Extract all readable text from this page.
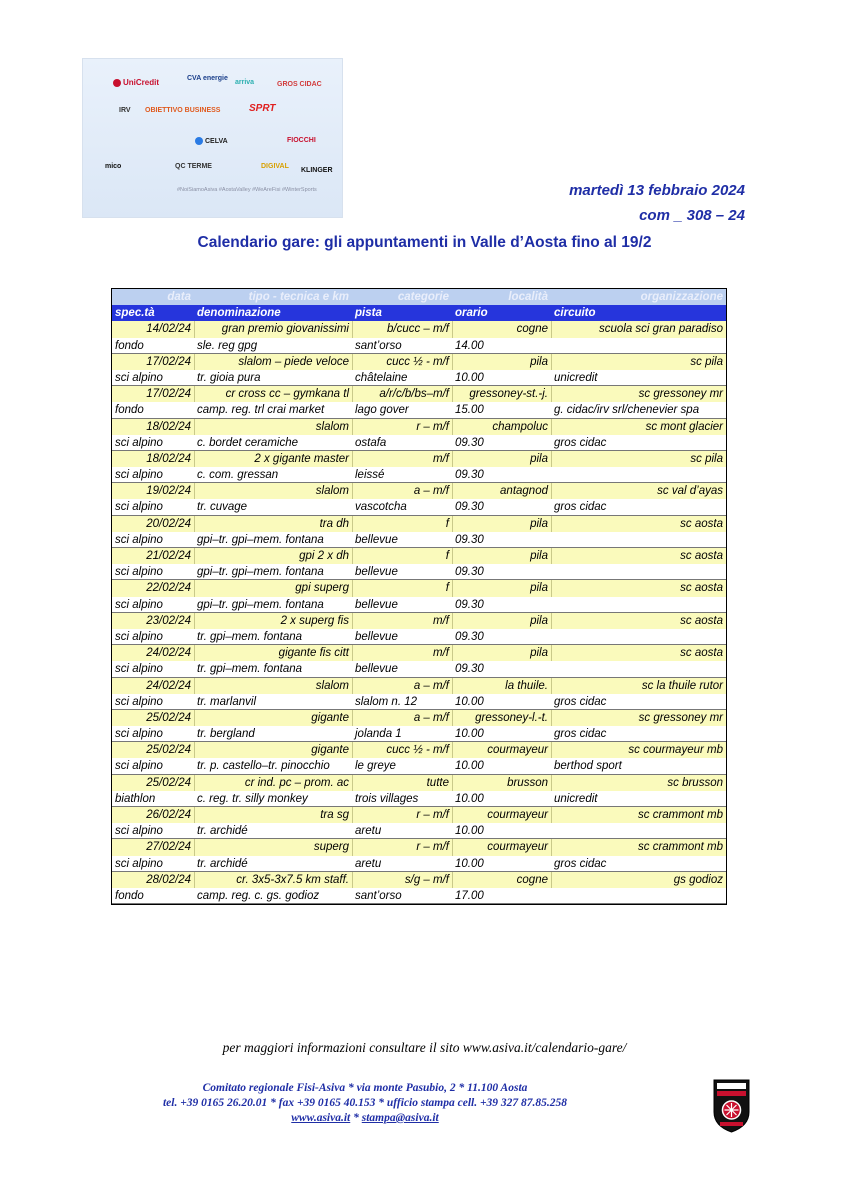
UniCredit	CVA energie
arriva	GROS CIDAC
IRV OBIETTIVO BUSINESS	SPRT
CELVA	FIOCCHI
mico	QC TERME	DIGIVAL
KLINGER
#NoiSiamoAsiva #AostaValley #WeAreFisi #WinterSports	martedì 13 febbraio 2024
com _ 308 – 24
Calendario gare: gli appuntamenti in Valle d’Aosta fino al 19/2
data	tipo - tecnica e km	categorie	località	organizzazione
spec.tà	denominazione	pista	orario	circuito
14/02/24	gran premio giovanissimi	b/cucc – m/f	cogne	scuola sci gran paradiso
fondo	sle. reg gpg	sant’orso	14.00
17/02/24	slalom – piede veloce	cucc ½ - m/f	pila	sc pila
sci alpino	tr. gioia pura	châtelaine	10.00	unicredit
17/02/24	cr cross cc – gymkana tl	a/r/c/b/bs–m/f	gressoney-st.-j.	sc gressoney mr
fondo	camp. reg. trl crai market	lago gover	15.00	g. cidac/irv srl/chenevier spa
18/02/24	slalom	r – m/f	champoluc	sc mont glacier
sci alpino	c. bordet ceramiche	ostafa	09.30	gros cidac
18/02/24	2 x gigante master	m/f	pila	sc pila
sci alpino	c. com. gressan	leissé	09.30
19/02/24	slalom	a – m/f	antagnod	sc val d’ayas
sci alpino	tr. cuvage	vascotcha	09.30	gros cidac
20/02/24	tra dh	f	pila	sc aosta
sci alpino	gpi–tr. gpi–mem. fontana	bellevue	09.30
21/02/24	gpi 2 x dh	f	pila	sc aosta
sci alpino	gpi–tr. gpi–mem. fontana	bellevue	09.30
22/02/24	gpi superg	f	pila	sc aosta
sci alpino	gpi–tr. gpi–mem. fontana	bellevue	09.30
23/02/24	2 x superg fis	m/f	pila	sc aosta
sci alpino	tr. gpi–mem. fontana	bellevue	09.30
24/02/24	gigante fis citt	m/f	pila	sc aosta
sci alpino	tr. gpi–mem. fontana	bellevue	09.30
24/02/24	slalom	a – m/f	la thuile.	sc la thuile rutor
sci alpino	tr. marlanvil	slalom n. 12	10.00	gros cidac
25/02/24	gigante	a – m/f	gressoney-l.-t.	sc gressoney mr
sci alpino	tr. bergland	jolanda 1	10.00	gros cidac
25/02/24	gigante	cucc ½ - m/f	courmayeur	sc courmayeur mb
sci alpino	tr. p. castello–tr. pinocchio	le greye	10.00	berthod sport
25/02/24	cr ind. pc – prom. ac	tutte	brusson	sc brusson
biathlon	c. reg. tr. silly monkey	trois villages	10.00	unicredit
26/02/24	tra sg	r – m/f	courmayeur	sc crammont mb
sci alpino	tr. archidé	aretu	10.00
27/02/24	superg	r – m/f	courmayeur	sc crammont mb
sci alpino	tr. archidé	aretu	10.00	gros cidac
28/02/24	cr. 3x5-3x7.5 km staff.	s/g – m/f	cogne	gs godioz
fondo	camp. reg. c. gs. godioz	sant’orso	17.00
per maggiori informazioni consultare il sito www.asiva.it/calendario-gare/
Comitato regionale Fisi-Asiva * via monte Pasubio, 2 * 11.100 Aosta
tel. +39 0165 26.20.01 * fax +39 0165 40.153 * ufficio stampa cell. +39 327 87.85.258
www.asiva.it * stampa@asiva.it
